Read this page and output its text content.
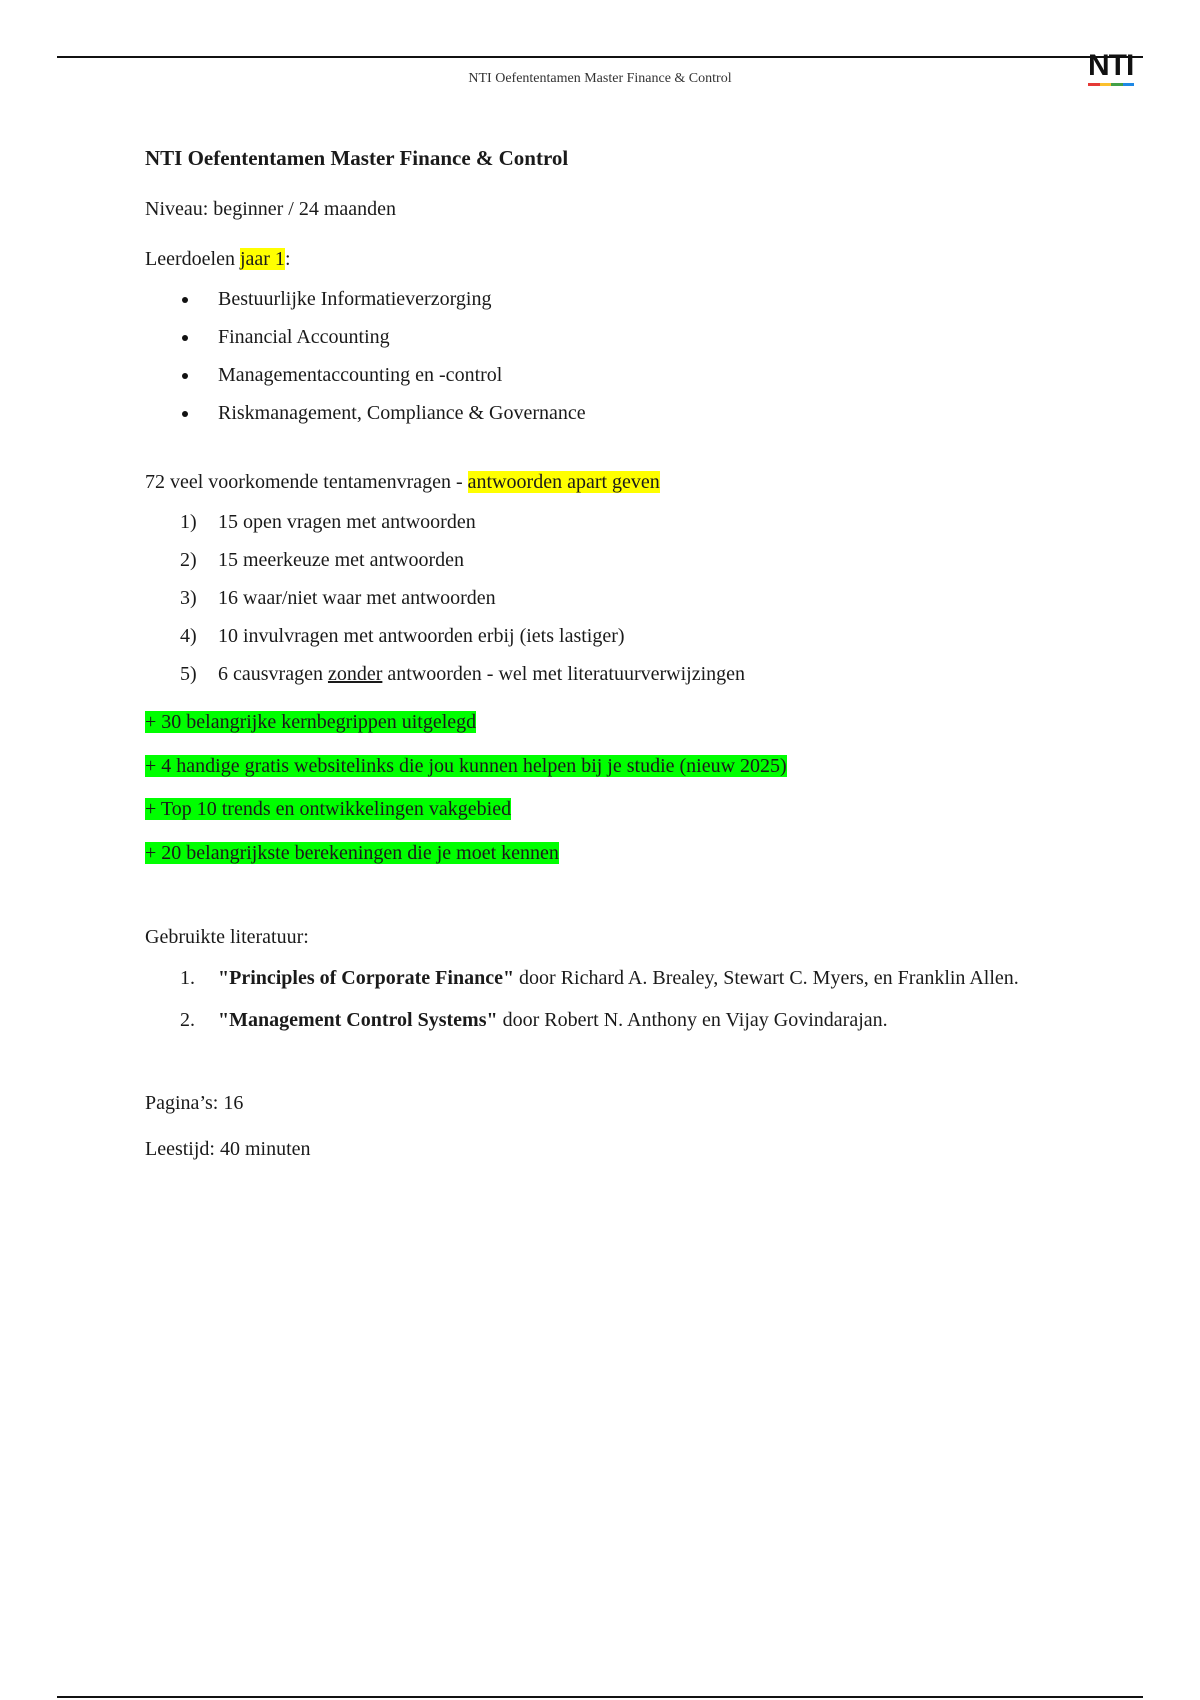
NTI Oefententamen Master Finance & Control	NTI
NTI Oefententamen Master Finance & Control

Niveau: beginner / 24 maanden

Leerdoelen jaar 1:

Bestuurlijke Informatieverzorging
Financial Accounting
Managementaccounting en -control
Riskmanagement, Compliance & Governance

72 veel voorkomende tentamenvragen - antwoorden apart geven

1) 15 open vragen met antwoorden
2) 15 meerkeuze met antwoorden
3) 16 waar/niet waar met antwoorden
4) 10 invulvragen met antwoorden erbij (iets lastiger)
5) 6 causvragen zonder antwoorden - wel met literatuurverwijzingen

+ 30 belangrijke kernbegrippen uitgelegd

+ 4 handige gratis websitelinks die jou kunnen helpen bij je studie (nieuw 2025)

+ Top 10 trends en ontwikkelingen vakgebied

+ 20 belangrijkste berekeningen die je moet kennen

Gebruikte literatuur:

1. "Principles of Corporate Finance" door Richard A. Brealey, Stewart C. Myers, en Franklin Allen.
2. "Management Control Systems" door Robert N. Anthony en Vijay Govindarajan.

Pagina’s: 16

Leestijd: 40 minuten
